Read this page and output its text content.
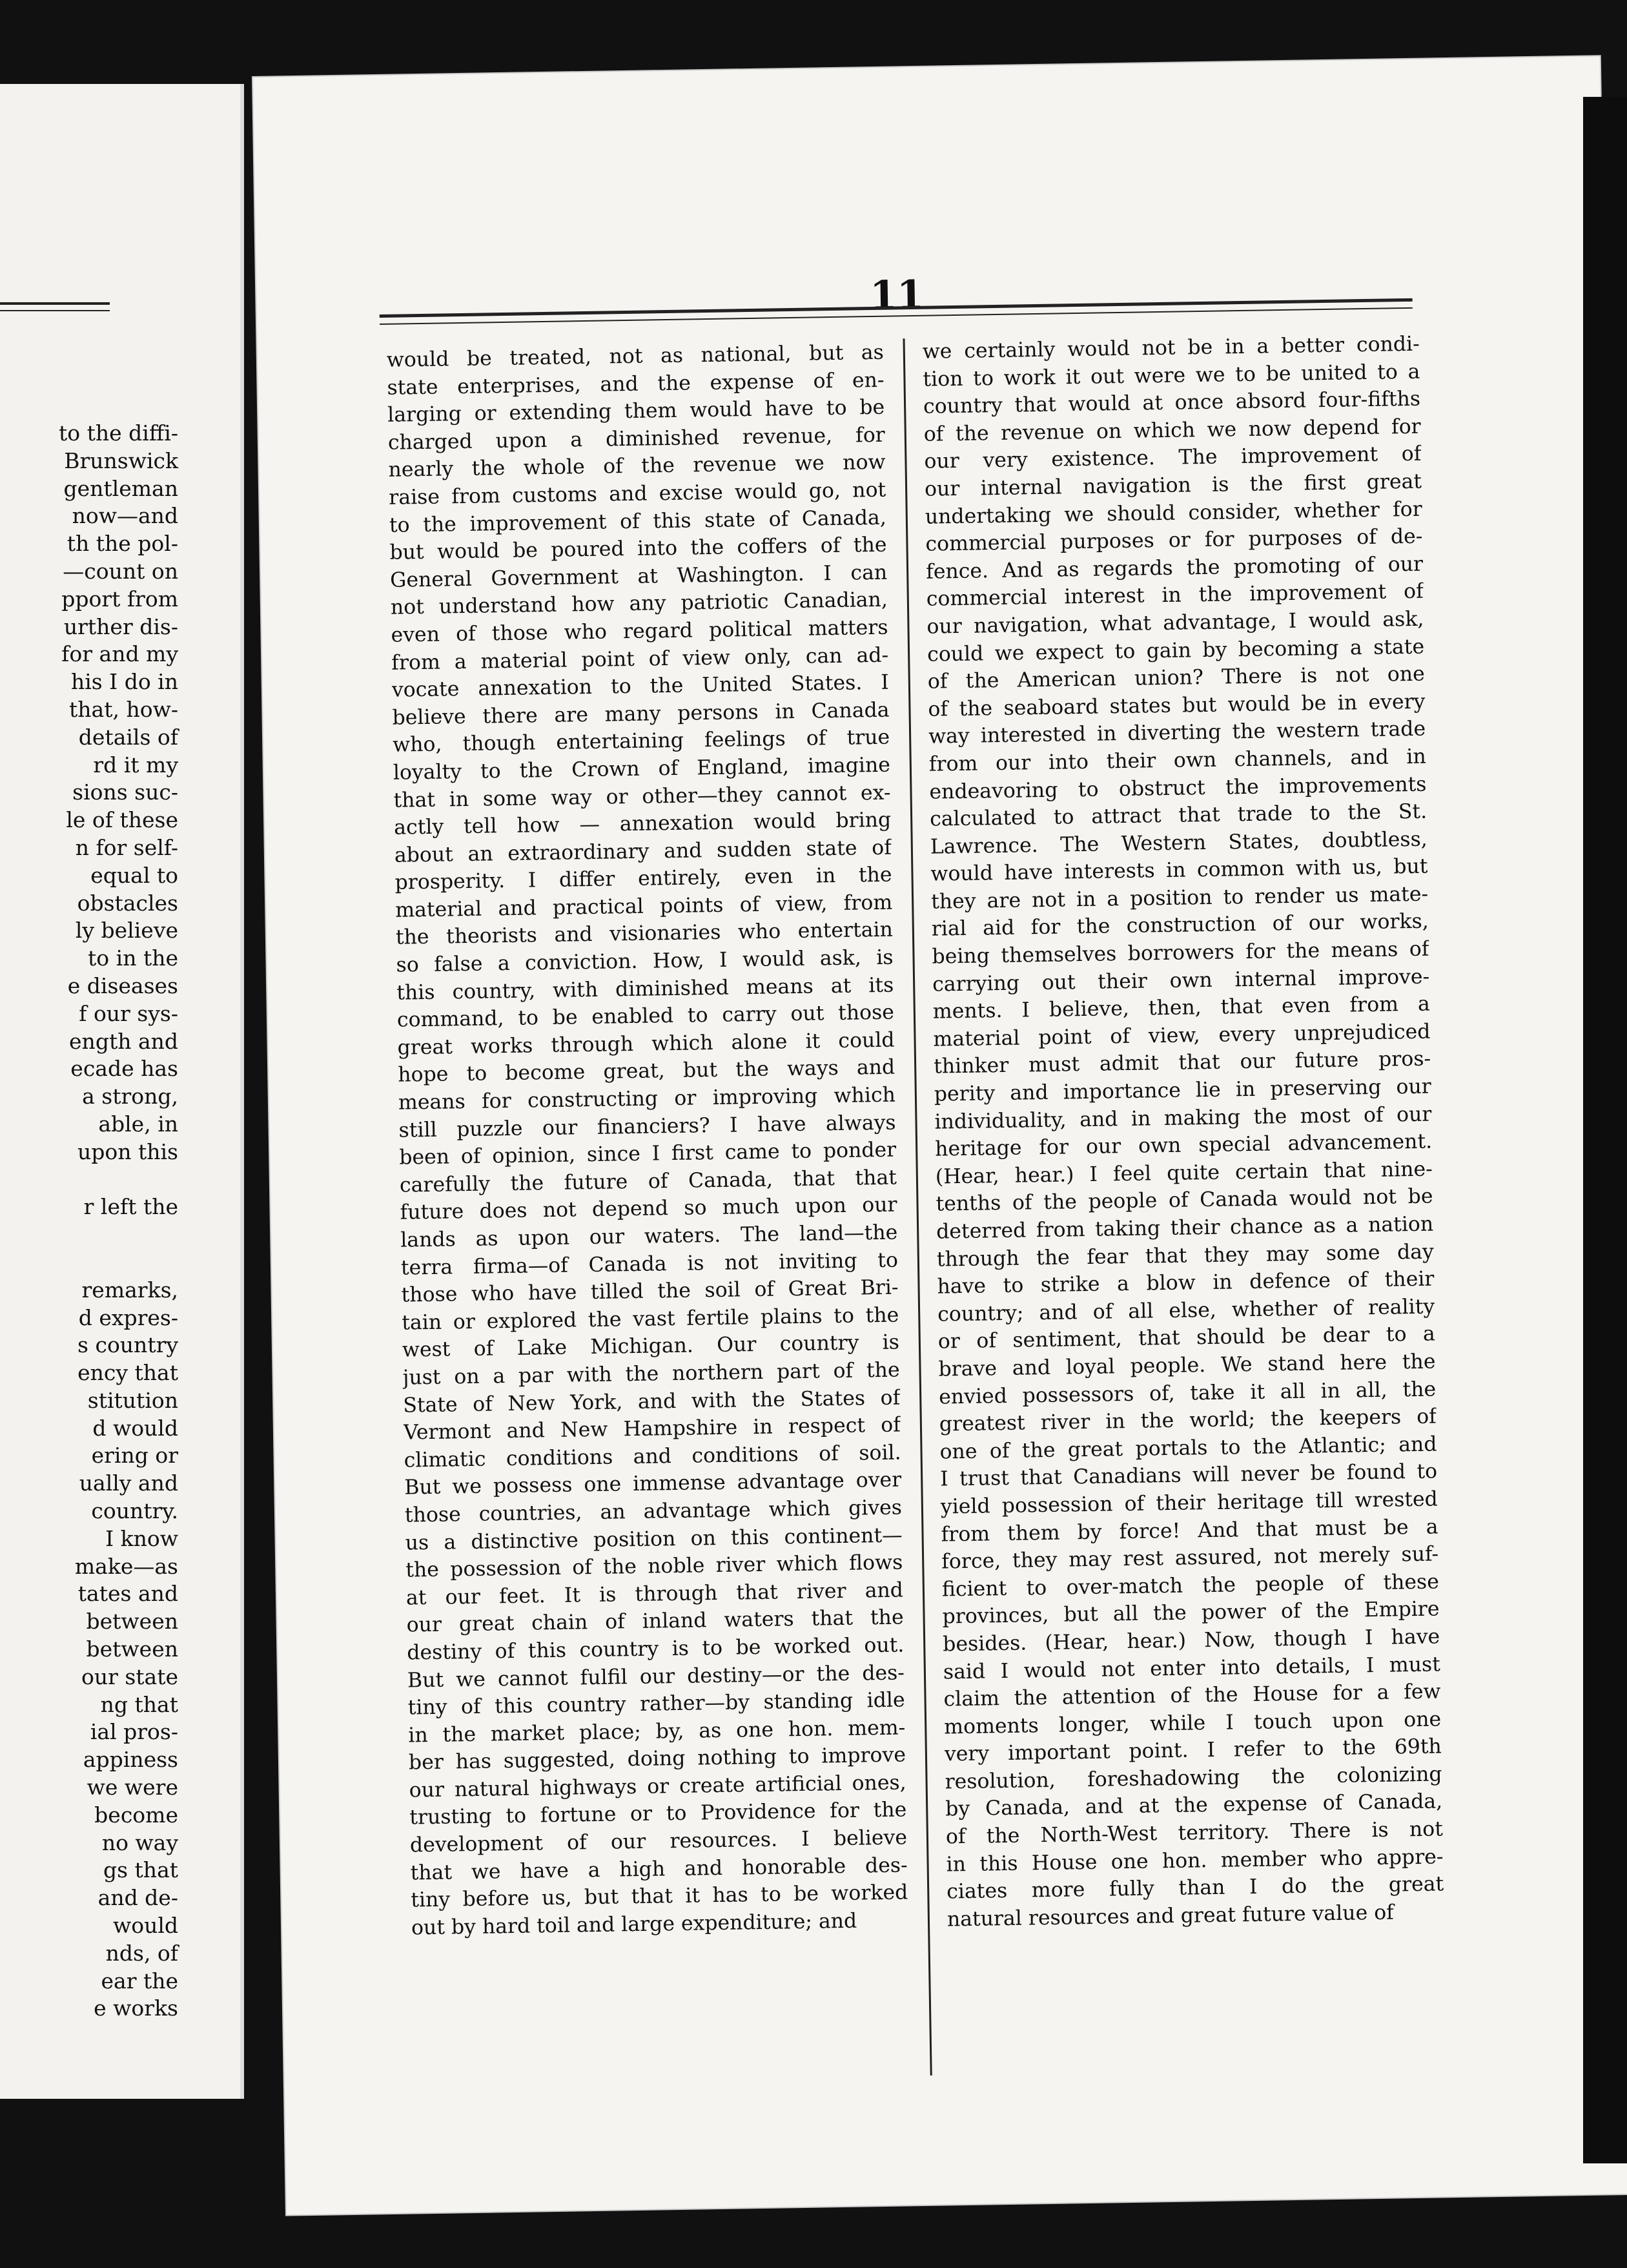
to the diffi-
Brunswick
gentleman
now—and
th the pol-
—count on
pport from
urther dis-
for and my
his I do in
that, how-
details of
rd it my
sions suc-
le of these
n for self-
equal to
obstacles
ly believe
to in the
e diseases
f our sys-
ength and
ecade has
a strong,
able, in
upon this
r left the
remarks,
d expres-
s country
ency that
stitution
d would
ering or
ually and
country.
I know
make—as
tates and
between
between
our state
ng that
ial pros-
appiness
we were
become
no way
gs that
and de-
would
nds, of
ear the
e works
11
would be treated, not as national, but as
state enterprises, and the expense of en-
larging or extending them would have to be
charged upon a diminished revenue, for
nearly the whole of the revenue we now
raise from customs and excise would go, not
to the improvement of this state of Canada,
but would be poured into the coffers of the
General Government at Washington. I can
not understand how any patriotic Canadian,
even of those who regard political matters
from a material point of view only, can ad-
vocate annexation to the United States. I
believe there are many persons in Canada
who, though entertaining feelings of true
loyalty to the Crown of England, imagine
that in some way or other—they cannot ex-
actly tell how — annexation would bring
about an extraordinary and sudden state of
prosperity. I differ entirely, even in the
material and practical points of view, from
the theorists and visionaries who entertain
so false a conviction. How, I would ask, is
this country, with diminished means at its
command, to be enabled to carry out those
great works through which alone it could
hope to become great, but the ways and
means for constructing or improving which
still puzzle our financiers? I have always
been of opinion, since I first came to ponder
carefully the future of Canada, that that
future does not depend so much upon our
lands as upon our waters. The land—the
terra firma—of Canada is not inviting to
those who have tilled the soil of Great Bri-
tain or explored the vast fertile plains to the
west of Lake Michigan. Our country is
just on a par with the northern part of the
State of New York, and with the States of
Vermont and New Hampshire in respect of
climatic conditions and conditions of soil.
But we possess one immense advantage over
those countries, an advantage which gives
us a distinctive position on this continent—
the possession of the noble river which flows
at our feet. It is through that river and
our great chain of inland waters that the
destiny of this country is to be worked out.
But we cannot fulfil our destiny—or the des-
tiny of this country rather—by standing idle
in the market place; by, as one hon. mem-
ber has suggested, doing nothing to improve
our natural highways or create artificial ones,
trusting to fortune or to Providence for the
development of our resources. I believe
that we have a high and honorable des-
tiny before us, but that it has to be worked
out by hard toil and large expenditure; and
we certainly would not be in a better condi-
tion to work it out were we to be united to a
country that would at once absord four-fifths
of the revenue on which we now depend for
our very existence. The improvement of
our internal navigation is the first great
undertaking we should consider, whether for
commercial purposes or for purposes of de-
fence. And as regards the promoting of our
commercial interest in the improvement of
our navigation, what advantage, I would ask,
could we expect to gain by becoming a state
of the American union? There is not one
of the seaboard states but would be in every
way interested in diverting the western trade
from our into their own channels, and in
endeavoring to obstruct the improvements
calculated to attract that trade to the St.
Lawrence. The Western States, doubtless,
would have interests in common with us, but
they are not in a position to render us mate-
rial aid for the construction of our works,
being themselves borrowers for the means of
carrying out their own internal improve-
ments. I believe, then, that even from a
material point of view, every unprejudiced
thinker must admit that our future pros-
perity and importance lie in preserving our
individuality, and in making the most of our
heritage for our own special advancement.
(Hear, hear.) I feel quite certain that nine-
tenths of the people of Canada would not be
deterred from taking their chance as a nation
through the fear that they may some day
have to strike a blow in defence of their
country; and of all else, whether of reality
or of sentiment, that should be dear to a
brave and loyal people. We stand here the
envied possessors of, take it all in all, the
greatest river in the world; the keepers of
one of the great portals to the Atlantic; and
I trust that Canadians will never be found to
yield possession of their heritage till wrested
from them by force! And that must be a
force, they may rest assured, not merely suf-
ficient to over-match the people of these
provinces, but all the power of the Empire
besides. (Hear, hear.) Now, though I have
said I would not enter into details, I must
claim the attention of the House for a few
moments longer, while I touch upon one
very important point. I refer to the 69th
resolution, foreshadowing the colonizing
by Canada, and at the expense of Canada,
of the North-West territory. There is not
in this House one hon. member who appre-
ciates more fully than I do the great
natural resources and great future value of
